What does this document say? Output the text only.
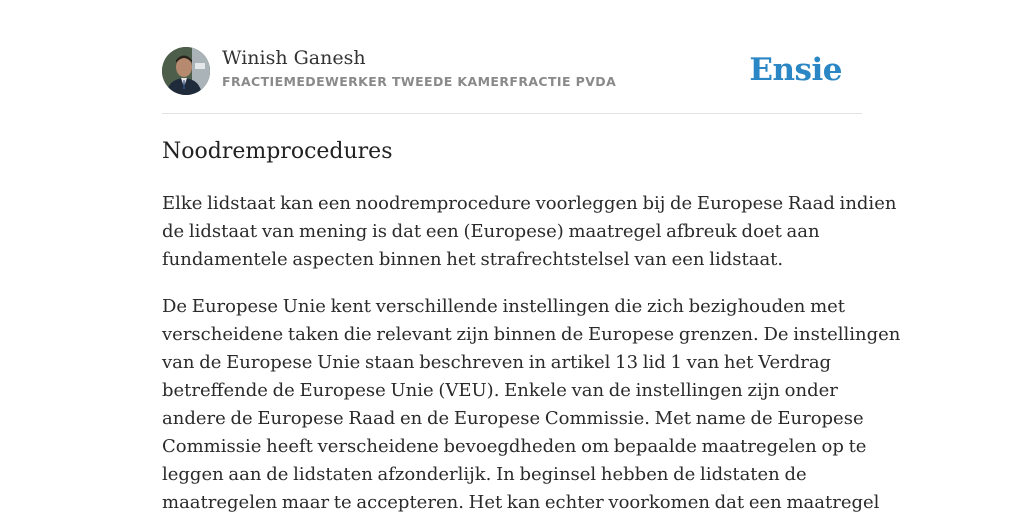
Winish Ganesh
FRACTIEMEDEWERKER TWEEDE KAMERFRACTIE PVDA	Ensie
Noodremprocedures

Elke lidstaat kan een noodremprocedure voorleggen bij de Europese Raad indien
de lidstaat van mening is dat een (Europese) maatregel afbreuk doet aan
fundamentele aspecten binnen het strafrechtstelsel van een lidstaat.

De Europese Unie kent verschillende instellingen die zich bezighouden met
verscheidene taken die relevant zijn binnen de Europese grenzen. De instellingen
van de Europese Unie staan beschreven in artikel 13 lid 1 van het Verdrag
betreffende de Europese Unie (VEU). Enkele van de instellingen zijn onder
andere de Europese Raad en de Europese Commissie. Met name de Europese
Commissie heeft verscheidene bevoegdheden om bepaalde maatregelen op te
leggen aan de lidstaten afzonderlijk. In beginsel hebben de lidstaten de
maatregelen maar te accepteren. Het kan echter voorkomen dat een maatregel
